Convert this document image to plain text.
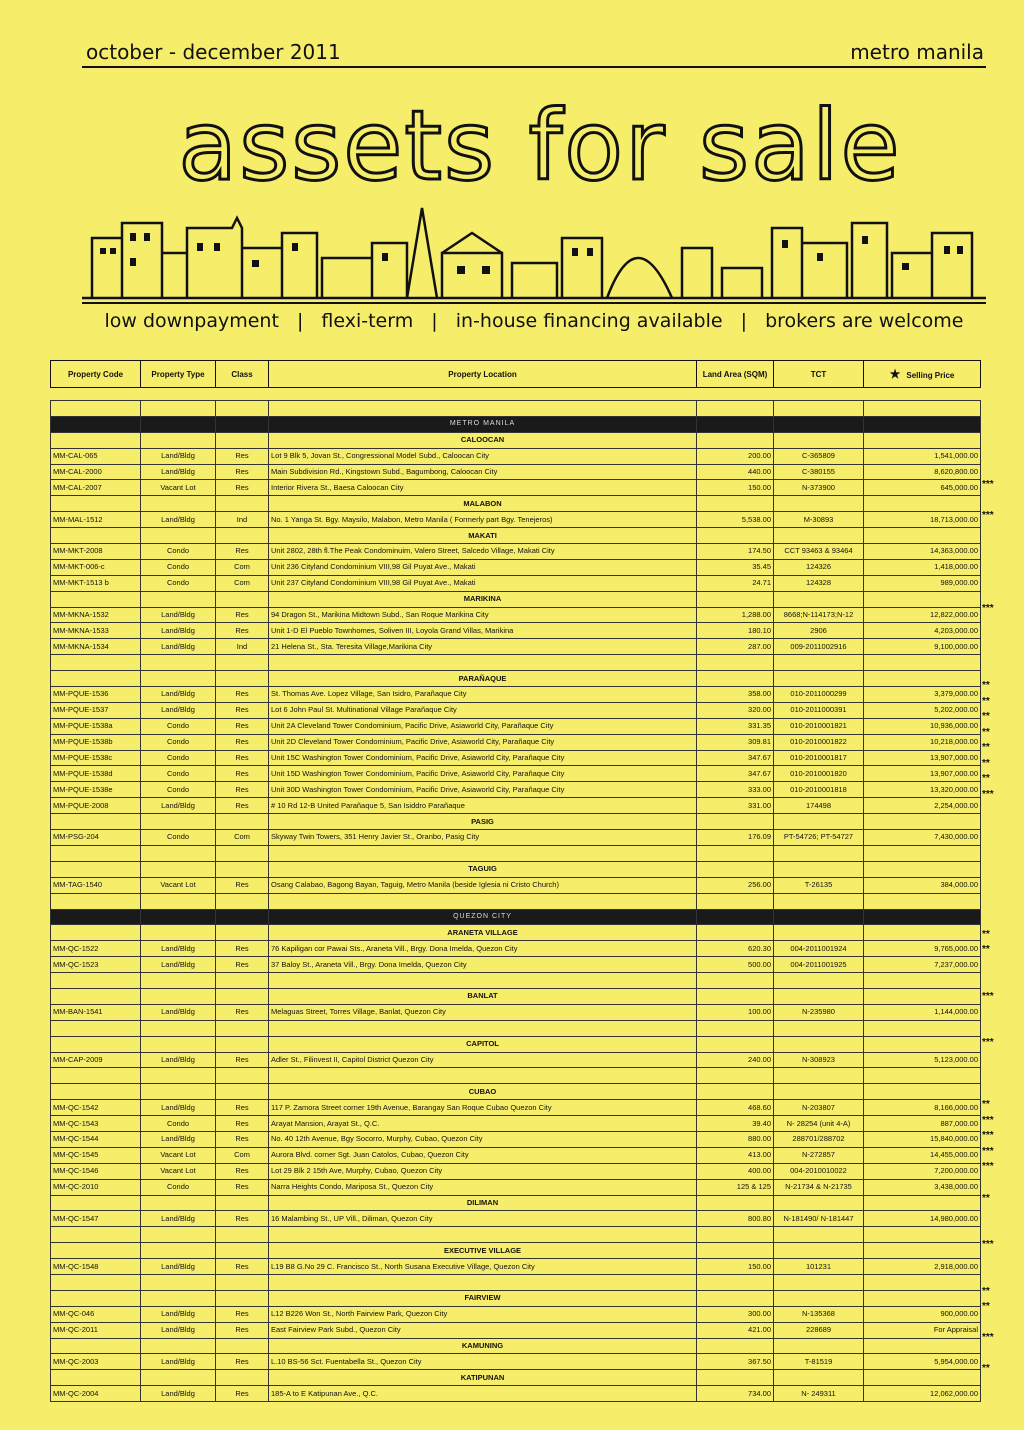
october - december 2011	metro manila
assets for sale
low downpayment | flexi-term | in-house financing available | brokers are welcome
Property Code	Property Type	Class	Property Location	Land Area (SQM)	TCT	★ Selling Price

			METRO MANILA			
			CALOOCAN			
MM-CAL-065	Land/Bldg	Res	Lot 9 Blk 5, Jovan St., Congressional Model Subd., Caloocan City	200.00	C-365809	1,541,000.00
MM-CAL-2000	Land/Bldg	Res	Main Subdivision Rd., Kingstown Subd., Bagumbong, Caloocan City	440.00	C-380155	8,620,800.00
MM-CAL-2007	Vacant Lot	Res	Interior Rivera St., Baesa Caloocan City	150.00	N-373900	645,000.00
			MALABON			
MM-MAL-1512	Land/Bldg	Ind	No. 1 Yanga St. Bgy. Maysilo, Malabon, Metro Manila ( Formerly part Bgy. Tenejeros)	5,538.00	M-30893	18,713,000.00
			MAKATI			
MM-MKT-2008	Condo	Res	Unit 2802, 28th fl.The Peak Condominuim, Valero Street, Salcedo Village, Makati City	174.50	CCT 93463 & 93464	14,363,000.00
MM-MKT-006-c	Condo	Com	Unit 236 Cityland Condominium VIII,98 Gil Puyat Ave., Makati	35.45	124326	1,418,000.00
MM-MKT-1513 b	Condo	Com	Unit 237 Cityland Condominium VIII,98 Gil Puyat Ave., Makati	24.71	124328	989,000.00
			MARIKINA			
MM-MKNA-1532	Land/Bldg	Res	94 Dragon St., Marikina Midtown Subd., San Roque Marikina City	1,288.00	8668;N-114173;N-12	12,822,000.00
MM-MKNA-1533	Land/Bldg	Res	Unit 1-D El Pueblo Townhomes, Soliven III, Loyola Grand Villas, Marikina	180.10	2906	4,203,000.00
MM-MKNA-1534	Land/Bldg	Ind	21 Helena St., Sta. Teresita Village,Marikina City	287.00	009-2011002916	9,100,000.00

			PARAÑAQUE			
MM-PQUE-1536	Land/Bldg	Res	St. Thomas Ave. Lopez Village, San Isidro, Parañaque City	358.00	010-2011000299	3,379,000.00
MM-PQUE-1537	Land/Bldg	Res	Lot 6 John Paul St. Multinational Village Parañaque City	320.00	010-2011000391	5,202,000.00
MM-PQUE-1538a	Condo	Res	Unit 2A Cleveland Tower Condominium, Pacific Drive, Asiaworld City, Parañaque City	331.35	010-2010001821	10,936,000.00
MM-PQUE-1538b	Condo	Res	Unit 2D Cleveland Tower Condominium, Pacific Drive, Asiaworld City, Parañaque City	309.81	010-2010001822	10,218,000.00
MM-PQUE-1538c	Condo	Res	Unit 15C Washington Tower Condominium, Pacific Drive, Asiaworld City, Parañaque City	347.67	010-2010001817	13,907,000.00
MM-PQUE-1538d	Condo	Res	Unit 15D Washington Tower Condominium, Pacific Drive, Asiaworld City, Parañaque City	347.67	010-2010001820	13,907,000.00
MM-PQUE-1538e	Condo	Res	Unit 30D Washington Tower Condominium, Pacific Drive, Asiaworld City, Parañaque City	333.00	010-2010001818	13,320,000.00
MM-PQUE-2008	Land/Bldg	Res	# 10 Rd 12-B United Parañaque 5, San Isiddro Parañaque	331.00	174498	2,254,000.00
			PASIG			
MM-PSG-204	Condo	Com	Skyway Twin Towers, 351 Henry Javier St., Oranbo, Pasig City	176.09	PT-54726; PT-54727	7,430,000.00

			TAGUIG			
MM-TAG-1540	Vacant Lot	Res	Osang Calabao, Bagong Bayan, Taguig, Metro Manila (beside Iglesia ni Cristo Church)	256.00	T-26135	384,000.00

			QUEZON CITY			
			ARANETA VILLAGE			
MM-QC-1522	Land/Bldg	Res	76 Kapiligan cor Pawai Sts., Araneta Vill., Brgy. Dona Imelda, Quezon City	620.30	004-2011001924	9,765,000.00
MM-QC-1523	Land/Bldg	Res	37 Baloy St., Araneta Vill., Brgy. Dona Imelda, Quezon City	500.00	004-2011001925	7,237,000.00

			BANLAT			
MM-BAN-1541	Land/Bldg	Res	Melaguas Street, Torres Village, Banlat, Quezon City	100.00	N-235980	1,144,000.00

			CAPITOL			
MM-CAP-2009	Land/Bldg	Res	Adler St., Filinvest II, Capitol District Quezon City	240.00	N-308923	5,123,000.00

			CUBAO			
MM-QC-1542	Land/Bldg	Res	117 P. Zamora Street corner 19th Avenue, Barangay San Roque Cubao Quezon City	468.60	N-203807	8,166,000.00
MM-QC-1543	Condo	Res	Arayat Mansion, Arayat St., Q.C.	39.40	N- 28254 (unit 4-A)	887,000.00
MM-QC-1544	Land/Bldg	Res	No. 40 12th Avenue, Bgy Socorro, Murphy, Cubao, Quezon City	880.00	288701/288702	15,840,000.00
MM-QC-1545	Vacant Lot	Com	Aurora Blvd. corner Sgt. Juan Catolos, Cubao, Quezon City	413.00	N-272857	14,455,000.00
MM-QC-1546	Vacant Lot	Res	Lot 29 Blk 2 15th Ave, Murphy, Cubao, Quezon City	400.00	004-2010010022	7,200,000.00
MM-QC-2010	Condo	Res	Narra Heights Condo, Mariposa St., Quezon City	125 & 125	N-21734 & N-21735	3,438,000.00
			DILIMAN			
MM-QC-1547	Land/Bldg	Res	16 Malambing St., UP Vill., Diliman, Quezon City	800.80	N-181490/ N-181447	14,980,000.00

			EXECUTIVE VILLAGE			
MM-QC-1548	Land/Bldg	Res	L19 B8 G.No 29 C. Francisco St., North Susana Executive Village, Quezon City	150.00	101231	2,918,000.00

			FAIRVIEW			
MM-QC-046	Land/Bldg	Res	L12 B226 Won St., North Fairview Park, Quezon City	300.00	N-135368	900,000.00
MM-QC-2011	Land/Bldg	Res	East Fairview Park Subd., Quezon City	421.00	228689	For Appraisal
			KAMUNING			
MM-QC-2003	Land/Bldg	Res	L.10 BS-56 Sct. Fuentabella St., Quezon City	367.50	T-81519	5,954,000.00
			KATIPUNAN			
MM-QC-2004	Land/Bldg	Res	185-A to E Katipunan Ave., Q.C.	734.00	N- 249311	12,062,000.00
***
***
***
**
**
**
**
**
**
**
***
**
**
***
***
**
***
***
***
***
**
***
**
**
***
**
